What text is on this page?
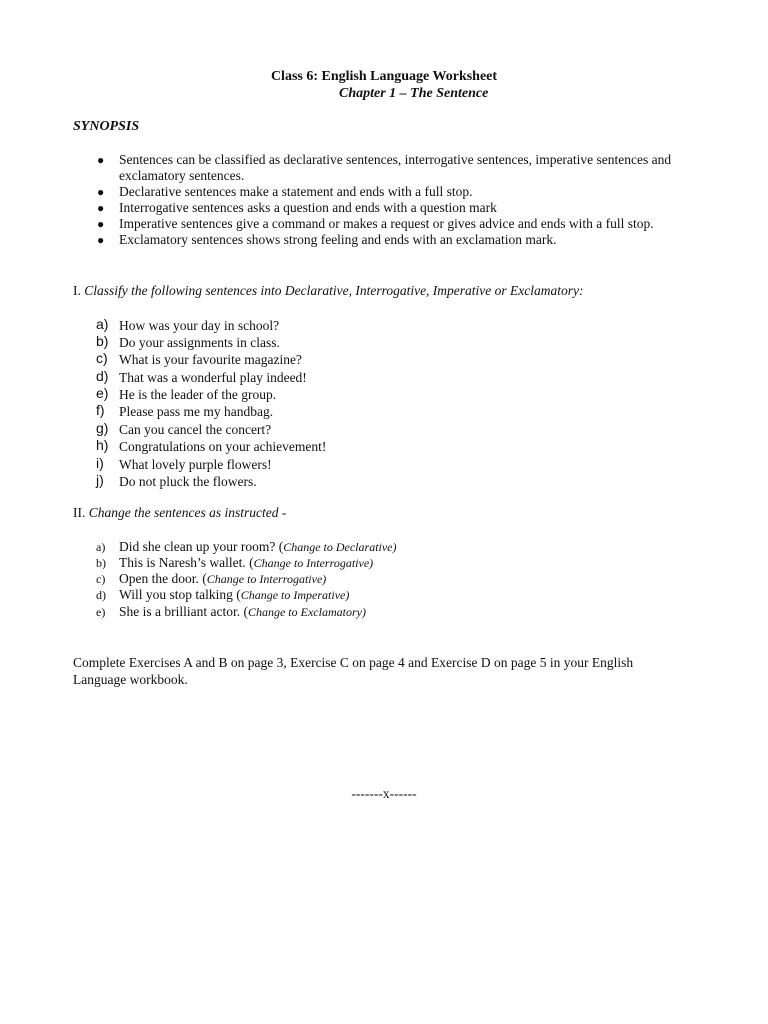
Class 6: English Language Worksheet
Chapter 1 – The Sentence
SYNOPSIS
● Sentences can be classified as declarative sentences, interrogative sentences, imperative sentences and exclamatory sentences.
● Declarative sentences make a statement and ends with a full stop.
● Interrogative sentences asks a question and ends with a question mark
● Imperative sentences give a command or makes a request or gives advice and ends with a full stop.
● Exclamatory sentences shows strong feeling and ends with an exclamation mark.
I. Classify the following sentences into Declarative, Interrogative, Imperative or Exclamatory:
a) How was your day in school?
b) Do your assignments in class.
c) What is your favourite magazine?
d) That was a wonderful play indeed!
e) He is the leader of the group.
f) Please pass me my handbag.
g) Can you cancel the concert?
h) Congratulations on your achievement!
i) What lovely purple flowers!
j) Do not pluck the flowers.
II. Change the sentences as instructed -
a) Did she clean up your room? (Change to Declarative)
b) This is Naresh’s wallet. (Change to Interrogative)
c) Open the door. (Change to Interrogative)
d) Will you stop talking (Change to Imperative)
e) She is a brilliant actor. (Change to Exclamatory)
Complete Exercises A and B on page 3, Exercise C on page 4 and Exercise D on page 5 in your English Language workbook.
-------x------
